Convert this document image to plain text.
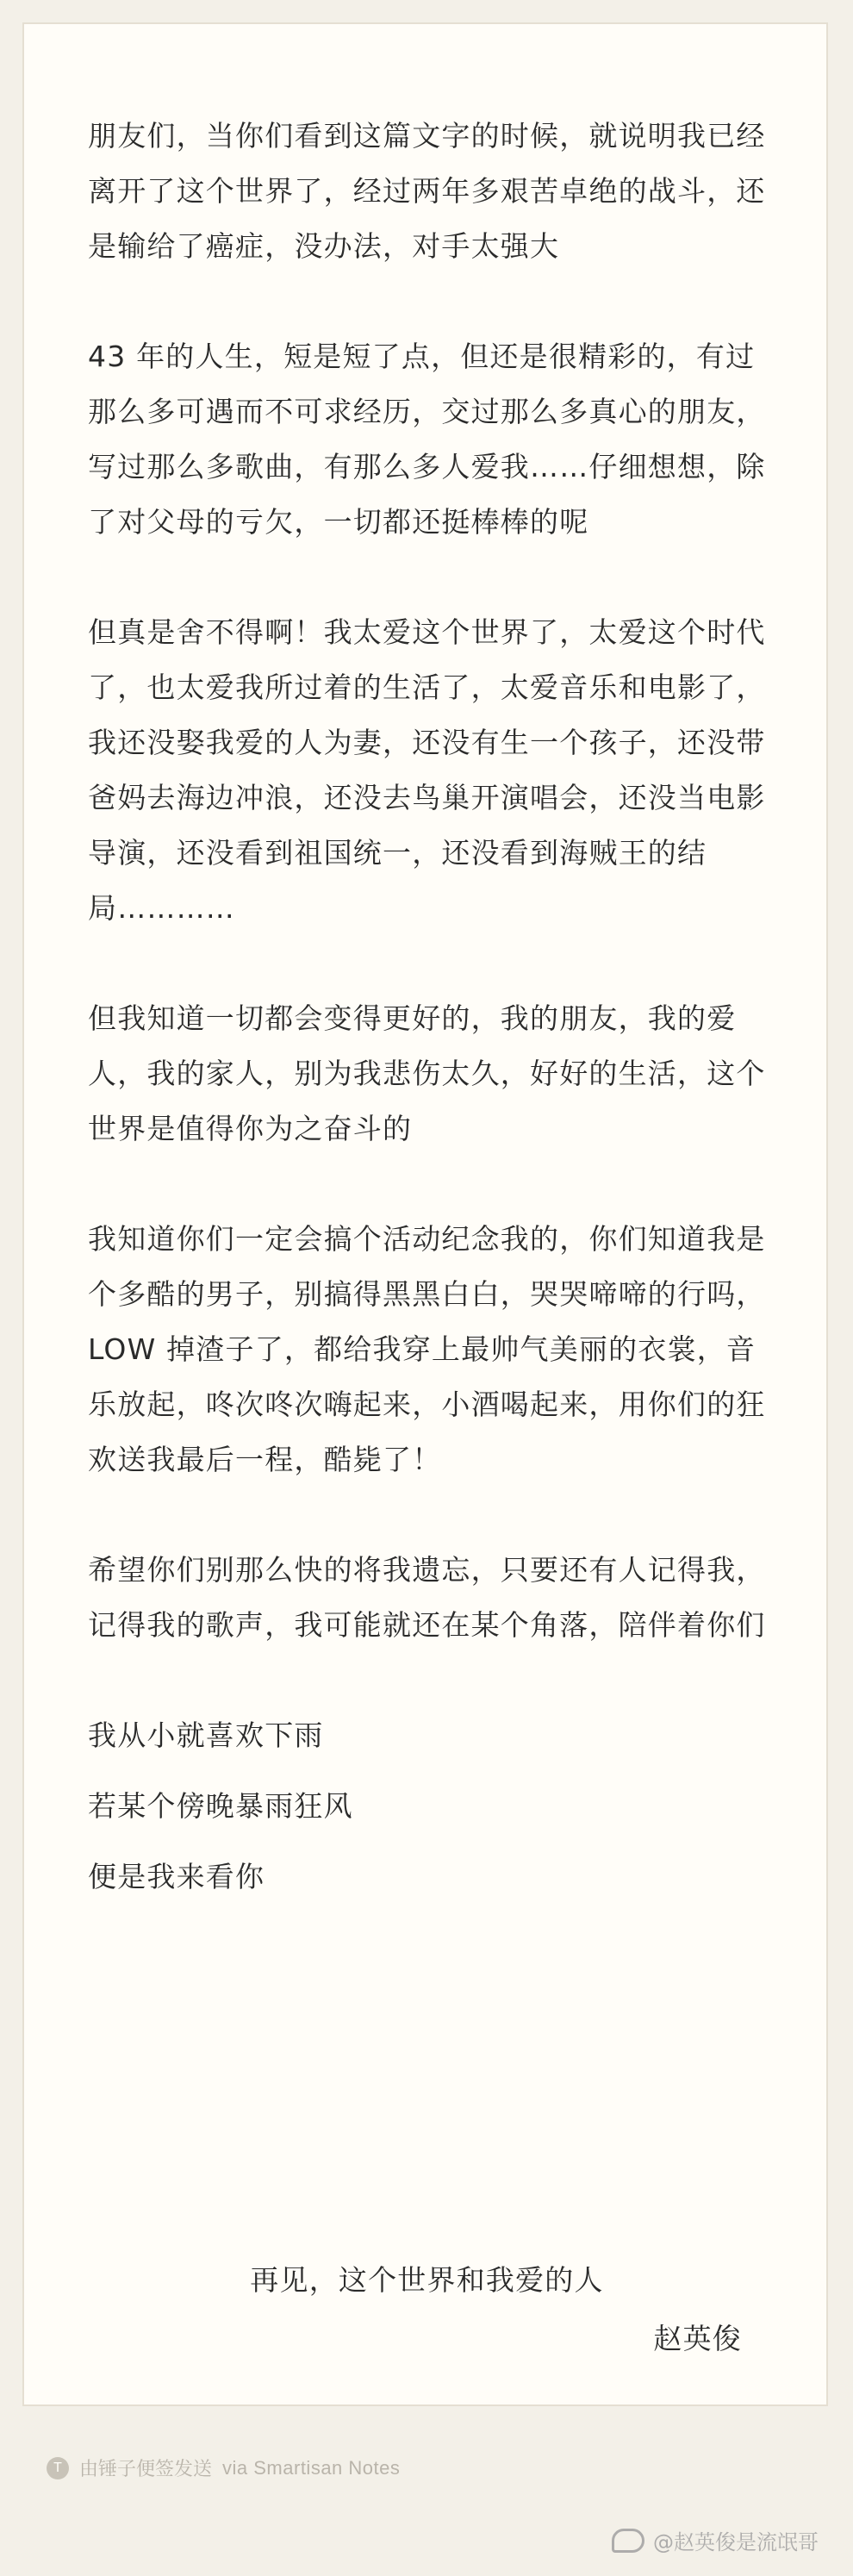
朋友们，当你们看到这篇文字的时候，就说明我已经离开了这个世界了，经过两年多艰苦卓绝的战斗，还是输给了癌症，没办法，对手太强大

43 年的人生，短是短了点，但还是很精彩的，有过那么多可遇而不可求经历，交过那么多真心的朋友，写过那么多歌曲，有那么多人爱我……仔细想想，除了对父母的亏欠，一切都还挺棒棒的呢

但真是舍不得啊！我太爱这个世界了，太爱这个时代了，也太爱我所过着的生活了，太爱音乐和电影了，我还没娶我爱的人为妻，还没有生一个孩子，还没带爸妈去海边冲浪，还没去鸟巢开演唱会，还没当电影导演，还没看到祖国统一，还没看到海贼王的结局…………

但我知道一切都会变得更好的，我的朋友，我的爱人，我的家人，别为我悲伤太久，好好的生活，这个世界是值得你为之奋斗的

我知道你们一定会搞个活动纪念我的，你们知道我是个多酷的男子，别搞得黑黑白白，哭哭啼啼的行吗， LOW 掉渣子了，都给我穿上最帅气美丽的衣裳，音乐放起，咚次咚次嗨起来，小酒喝起来，用你们的狂欢送我最后一程，酷毙了！

希望你们别那么快的将我遗忘，只要还有人记得我，记得我的歌声，我可能就还在某个角落，陪伴着你们

我从小就喜欢下雨

若某个傍晚暴雨狂风

便是我来看你

再见，这个世界和我爱的人
赵英俊
T 由锤子便签发送 via Smartisan Notes
@赵英俊是流氓哥
